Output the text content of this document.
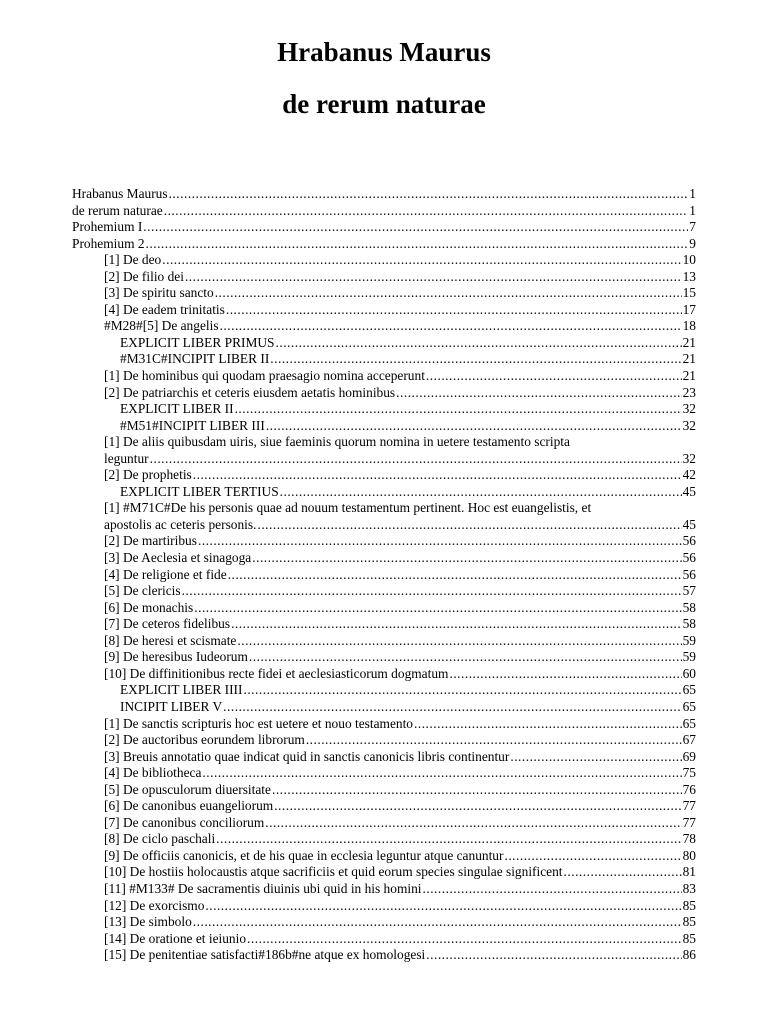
Hrabanus Maurus
de rerum naturae
Hrabanus Maurus .....	1
de rerum naturae .....	1
Prohemium I .....	7
Prohemium 2 .....	9
[1] De deo .....	10
[2] De filio dei .....	13
[3] De spiritu sancto .....	15
[4] De eadem trinitatis .....	17
#M28#[5] De angelis .....	18
EXPLICIT LIBER PRIMUS .....	21
#M31C#INCIPIT LIBER II .....	21
[1] De hominibus qui quodam praesagio nomina acceperunt .....	21
[2] De patriarchis et ceteris eiusdem aetatis hominibus .....	23
EXPLICIT LIBER II .....	32
#M51#INCIPIT LIBER III .....	32
[1] De aliis quibusdam uiris, siue faeminis quorum nomina in uetere testamento scripta
leguntur .....	32
[2] De prophetis .....	42
EXPLICIT LIBER TERTIUS .....	45
[1] #M71C#De his personis quae ad nouum testamentum pertinent. Hoc est euangelistis, et
apostolis ac ceteris personis. .....	45
[2] De martiribus .....	56
[3] De Aeclesia et sinagoga .....	56
[4] De religione et fide .....	56
[5] De clericis .....	57
[6] De monachis .....	58
[7] De ceteros fidelibus .....	58
[8] De heresi et scismate .....	59
[9] De heresibus Iudeorum .....	59
[10] De diffinitionibus recte fidei et aeclesiasticorum dogmatum .....	60
EXPLICIT LIBER IIII .....	65
INCIPIT LIBER V .....	65
[1] De sanctis scripturis hoc est uetere et nouo testamento .....	65
[2] De auctoribus eorundem librorum .....	67
[3] Breuis annotatio quae indicat quid in sanctis canonicis libris continentur .....	69
[4] De bibliotheca .....	75
[5] De opusculorum diuersitate .....	76
[6] De canonibus euangeliorum .....	77
[7] De canonibus conciliorum .....	77
[8] De ciclo paschali .....	78
[9] De officiis canonicis, et de his quae in ecclesia leguntur atque canuntur .....	80
[10] De hostiis holocaustis atque sacrificiis et quid eorum species singulae significent .....	81
[11] #M133# De sacramentis diuinis ubi quid in his homini .....	83
[12] De exorcismo .....	85
[13] De simbolo .....	85
[14] De oratione et ieiunio .....	85
[15] De penitentiae satisfacti#186b#ne atque ex homologesi .....	86
